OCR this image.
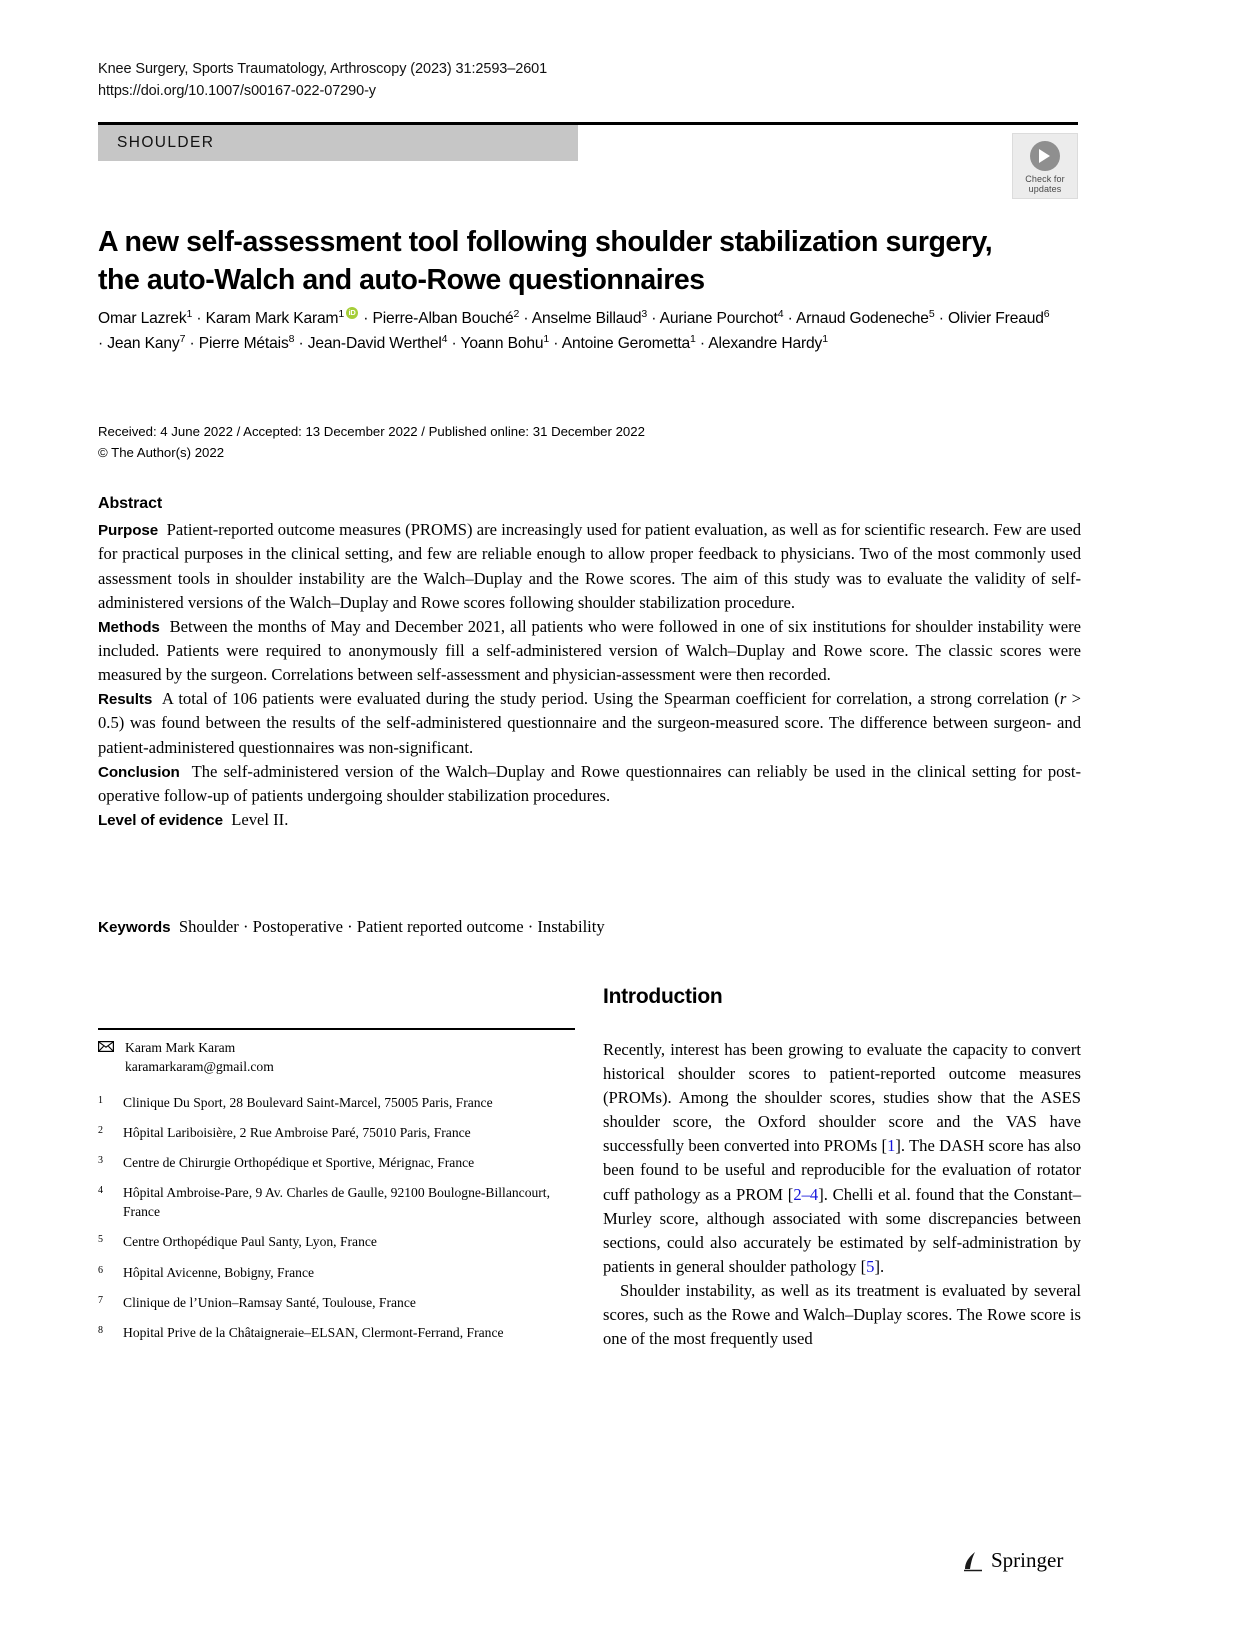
Knee Surgery, Sports Traumatology, Arthroscopy (2023) 31:2593–2601
https://doi.org/10.1007/s00167-022-07290-y
SHOULDER
Check for
updates
A new self-assessment tool following shoulder stabilization surgery, the auto-Walch and auto-Rowe questionnaires
Omar Lazrek$^1$ · Karam Mark Karam$^1$iD · Pierre-Alban Bouché$^2$ · Anselme Billaud$^3$ · Auriane Pourchot$^4$ · Arnaud Godeneche$^5$ · Olivier Freaud$^6$ · Jean Kany$^7$ · Pierre Métais$^8$ · Jean-David Werthel$^4$ · Yoann Bohu$^1$ · Antoine Gerometta$^1$ · Alexandre Hardy$^1$
Received: 4 June 2022 / Accepted: 13 December 2022 / Published online: 31 December 2022
© The Author(s) 2022
Abstract

Purpose Patient-reported outcome measures (PROMS) are increasingly used for patient evaluation, as well as for scientific research. Few are used for practical purposes in the clinical setting, and few are reliable enough to allow proper feedback to physicians. Two of the most commonly used assessment tools in shoulder instability are the Walch–Duplay and the Rowe scores. The aim of this study was to evaluate the validity of self-administered versions of the Walch–Duplay and Rowe scores following shoulder stabilization procedure.

Methods Between the months of May and December 2021, all patients who were followed in one of six institutions for shoulder instability were included. Patients were required to anonymously fill a self-administered version of Walch–Duplay and Rowe score. The classic scores were measured by the surgeon. Correlations between self-assessment and physician-assessment were then recorded.

Results A total of 106 patients were evaluated during the study period. Using the Spearman coefficient for correlation, a strong correlation (r > 0.5) was found between the results of the self-administered questionnaire and the surgeon-measured score. The difference between surgeon- and patient-administered questionnaires was non-significant.

Conclusion The self-administered version of the Walch–Duplay and Rowe questionnaires can reliably be used in the clinical setting for post-operative follow-up of patients undergoing shoulder stabilization procedures.

Level of evidence Level II.

Keywords Shoulder · Postoperative · Patient reported outcome · Instability
Karam Mark Karam
karamarkaram@gmail.com
1	Clinique Du Sport, 28 Boulevard Saint-Marcel, 75005 Paris, France
2	Hôpital Lariboisière, 2 Rue Ambroise Paré, 75010 Paris, France
3	Centre de Chirurgie Orthopédique et Sportive, Mérignac, France
4	Hôpital Ambroise-Pare, 9 Av. Charles de Gaulle, 92100 Boulogne-Billancourt, France
5	Centre Orthopédique Paul Santy, Lyon, France
6	Hôpital Avicenne, Bobigny, France
7	Clinique de l’Union–Ramsay Santé, Toulouse, France
8	Hopital Prive de la Châtaigneraie–ELSAN, Clermont-Ferrand, France
Introduction

Recently, interest has been growing to evaluate the capacity to convert historical shoulder scores to patient-reported outcome measures (PROMs). Among the shoulder scores, studies show that the ASES shoulder score, the Oxford shoulder score and the VAS have successfully been converted into PROMs [1]. The DASH score has also been found to be useful and reproducible for the evaluation of rotator cuff pathology as a PROM [2–4]. Chelli et al. found that the Constant–Murley score, although associated with some discrepancies between sections, could also accurately be estimated by self-administration by patients in general shoulder pathology [5].

Shoulder instability, as well as its treatment is evaluated by several scores, such as the Rowe and Walch–Duplay scores. The Rowe score is one of the most frequently used

Springer
